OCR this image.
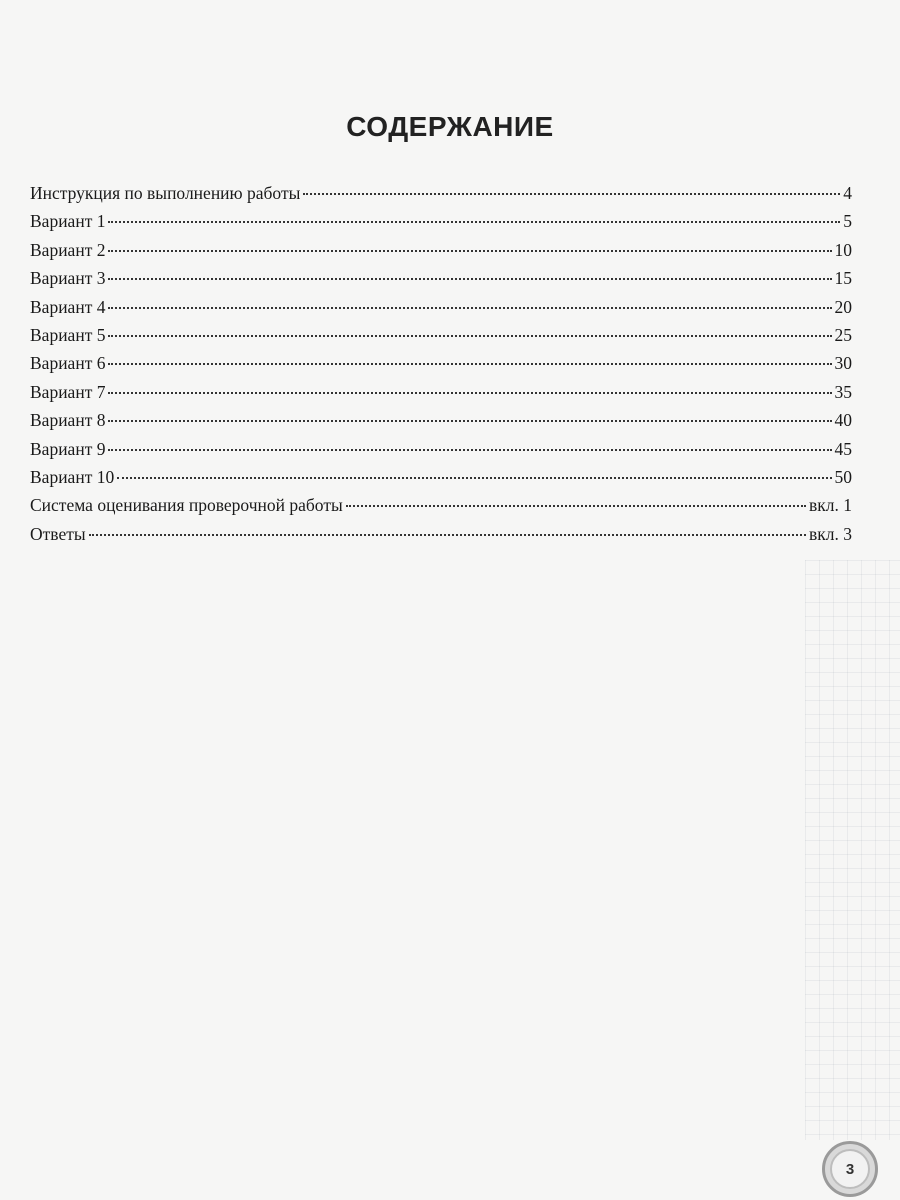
СОДЕРЖАНИЕ
Инструкция по выполнению работы	4
Вариант 1	5
Вариант 2	10
Вариант 3	15
Вариант 4	20
Вариант 5	25
Вариант 6	30
Вариант 7	35
Вариант 8	40
Вариант 9	45
Вариант 10	50
Система оценивания проверочной работы	вкл. 1
Ответы	вкл. 3
3
